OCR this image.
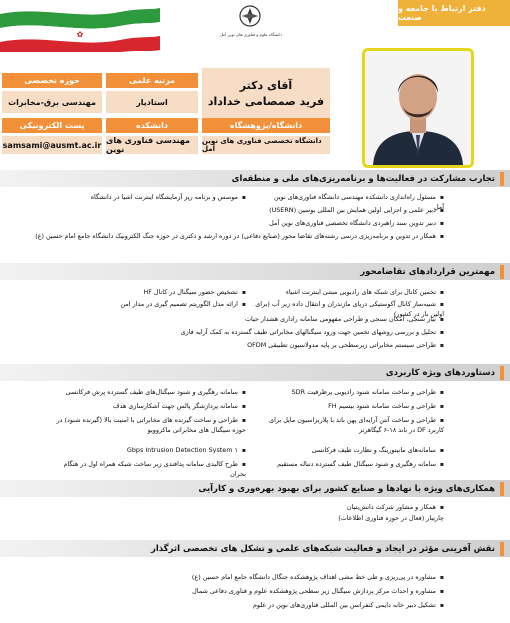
✿	دانشگاه علوم و فناوری های نوین آمل
دفتر ارتباط با جامعه و صنعت
آقای دکتر
فرید صمصامی خداداد
حوزه تخصصی	مرتبه علمی
مهندسی برق-مخابرات	استادیار
پست الکترونیکی	دانشکده	دانشگاه/پژوهشگاه
samsami@ausmt.ac.ir مهندسی فناوری های نوین
دانشگاه تخصصی فناوری های نوین آمل
تجارب مشارکت در فعالیت‌ها و برنامه‌ریزی‌های ملی و منطقه‌ای
▪ مسئول راه‌اندازی دانشکده مهندسی دانشگاه فناوری‌های نوین آمل
▪ موسس و برنامه ریز آزمایشگاه اینترنت اشیا در دانشگاه
▪ دبیر علمی و اجرایی اولین همایش بین المللی یوسین (USERN)
▪ دبیر تدوین سند راهبردی دانشگاه تخصصی فناوری‌های نوین آمل
▪ همکار در تدوین و برنامه‌ریزی درسی رشته‌های تقاضا محور (صنایع دفاعی) در دوره ارشد و دکتری در حوزه جنگ الکترونیک دانشگاه جامع امام حسین (ع)
مهمترین قراردادهای تقاضامحور
▪ تخمین کانال برای شبکه های رادیویی مبتنی اینترنت اشیاء
▪ تشخیص حضور سیگنال در کانال HF
▪ شبیه‌ساز کانال آکوستیکی دریای مازندران و انتقال داده زیر آب (برای اولین بار در کشور)
▪ ارائه مدل الگوریتم تصمیم گیری در مدار امن
▪ نیاز سنجی، امکان سنجی و طراحی مفهومی سامانه راداری هشدار حیات
▪ تحلیل و بررسی روشهای تخمین جهت ورود سیگنالهای مخابراتی طیف گسترده به کمک آرایه فازی
▪ طراحی سیستم مخابراتی زیرسطحی بر پایه مدولاسیون تطبیقی OFDM
دستاوردهای ویژه کاربردی
▪ طراحی و ساخت سامانه شنود رادیویی پرظرفیت SDR
▪ سامانه رهگیری و شنود سیگنال‌های طیف گسترده پرش فرکانسی
▪ طراحی و ساخت سامانه شنود بیسیم FH
▪ سامانه پردازشگر پالس جهت آشکارسازی هدف
▪ طراحی و ساخت آنتن آرایه‌ای پهن باند با پلاریزاسیون مایل برای کاربرد DF در باند ۱۸-۶ گیگاهرتز
▪ طراحی و ساخت گیرنده های مخابراتی با امنیت بالا (گیرنده شنود) در حوزه سیگنال های مخابراتی ماکروویو
▪ سامانه‌های مانیتورینگ و نظارت طیف فرکانسی
▪ Gbps Intrusion Detection System ۱
▪ سامانه رهگیری و شنود سیگنال طیف گسترده دنباله مستقیم
▪ طرح کالبدی سامانه پدافندی زیر ساخت شبکه همراه اول در هنگام بحران
همکاری‌های ویژه با نهادها و صنایع کشور برای بهبود بهره‌وری و کارآیی
▪ همکار و مشاور شرکت دانش‌بنیان
چاریبار (فعال در حوزه فناوری اطلاعات)
نقش آفرینی مؤثر در ایجاد و فعالیت شبکه‌های علمی و تشکل های تخصصی اثرگذار
▪ مشاوره در پی‌ریزی و طی خط مشی اهداف پژوهشکده جنگال دانشگاه جامع امام حسین (ع)
▪ مشاوره و احداث مرکز پردازش سیگنال زیر سطحی پژوهشکده علوم و فناوری دفاعی شمال
▪ تشکیل دبیر خانه دایمی کنفرانس بین المللی فناوری‌های نوین در علوم
